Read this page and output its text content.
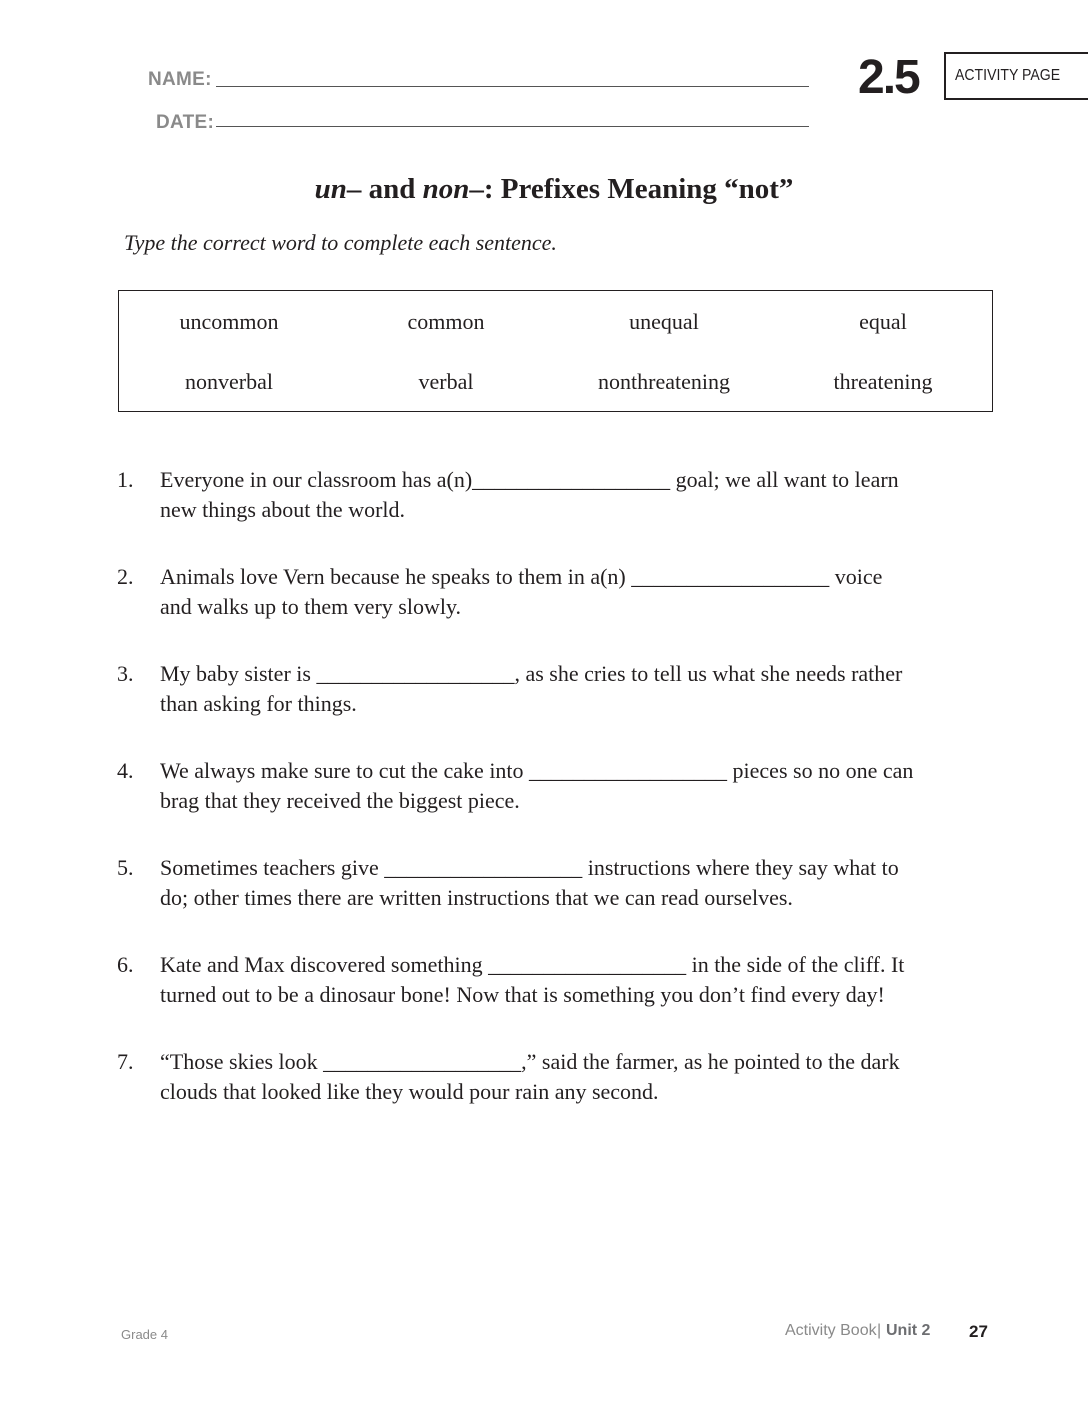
NAME:
DATE:
2.5	ACTIVITY PAGE
un– and non–: Prefixes Meaning “not”
Type the correct word to complete each sentence.
uncommon	common	unequal	equal
nonverbal	verbal	nonthreatening	threatening
1. Everyone in our classroom has a(n)__________________ goal; we all want to learn
new things about the world.
2. Animals love Vern because he speaks to them in a(n) __________________ voice
and walks up to them very slowly.
3. My baby sister is __________________, as she cries to tell us what she needs rather
than asking for things.
4. We always make sure to cut the cake into __________________ pieces so no one can
brag that they received the biggest piece.
5. Sometimes teachers give __________________ instructions where they say what to
do; other times there are written instructions that we can read ourselves.
6. Kate and Max discovered something __________________ in the side of the cliff. It
turned out to be a dinosaur bone! Now that is something you don’t find every day!
7. “Those skies look __________________,” said the farmer, as he pointed to the dark
clouds that looked like they would pour rain any second.
Grade 4	Activity Book | Unit 2 27
